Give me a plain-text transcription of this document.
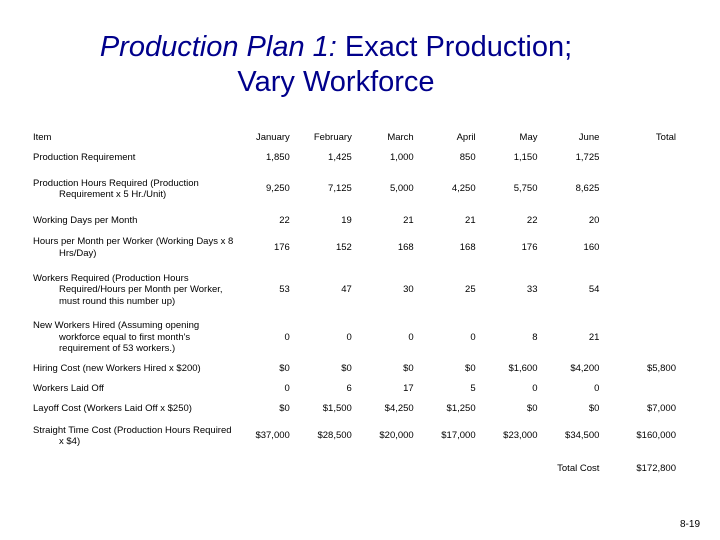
Production Plan 1: Exact Production;
Vary Workforce
Item	January	February	March	April	May	June	Total

Production Requirement	1,850	1,425	1,000	850	1,150	1,725	

Production Hours Required (Production Requirement x 5 Hr./Unit)	9,250	7,125	5,000	4,250	5,750	8,625	

Working Days per Month	22	19	21	21	22	20	

Hours per Month per Worker (Working Days x 8 Hrs/Day)	176	152	168	168	176	160	

Workers Required (Production Hours Required/Hours per Month per Worker, must round this number up)	53	47	30	25	33	54	

New Workers Hired (Assuming opening workforce equal to first month's requirement of 53 workers.)	0	0	0	0	8	21	

Hiring Cost (new Workers Hired x $200)	$0	$0	$0	$0	$1,600	$4,200	$5,800

Workers Laid Off	0	6	17	5	0	0	

Layoff Cost (Workers Laid Off x $250)	$0	$1,500	$4,250	$1,250	$0	$0	$7,000

Straight Time Cost (Production Hours Required x $4)	$37,000	$28,500	$20,000	$17,000	$23,000	$34,500	$160,000
						Total Cost	$172,800
8-19
